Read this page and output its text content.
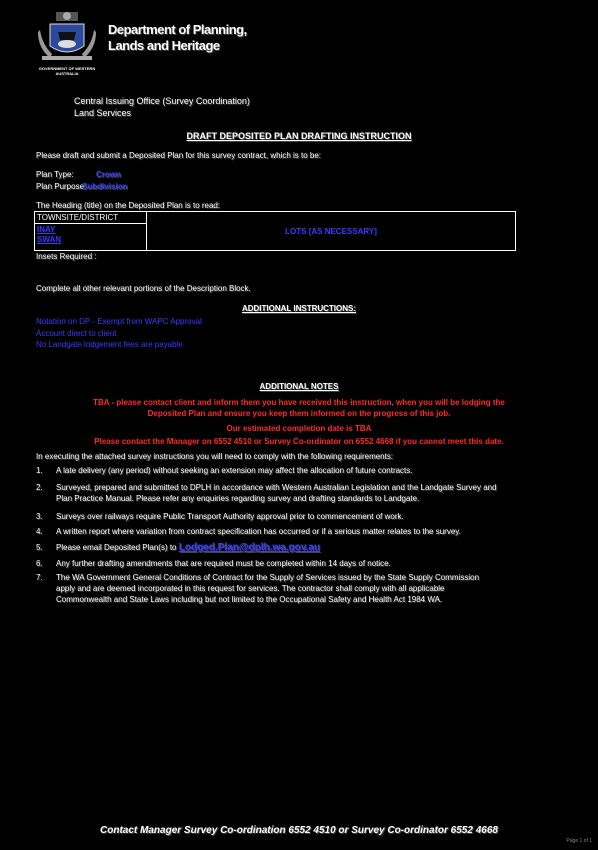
GOVERNMENT OF WESTERN AUSTRALIA
Department of Planning,
Lands and Heritage
Central Issuing Office (Survey Coordination)
Land Services
DRAFT DEPOSITED PLAN DRAFTING INSTRUCTION
Please draft and submit a Deposited Plan for this survey contract, which is to be:
Plan Type:	Crown
Plan Purpose:
Subdivision
The Heading (title) on the Deposited Plan is to read:
TOWNSITE/DISTRICT	LOTS [AS NECESSARY]

INAY
SWAN
Insets Required :
Complete all other relevant portions of the Description Block.
ADDITIONAL INSTRUCTIONS:
Notation on DP - Exempt from WAPC Approval
Account direct to client
No Landgate lodgement fees are payable
ADDITIONAL NOTES
TBA - please contact client and inform them you have received this instruction, when you will be lodging the
Deposited Plan and ensure you keep them informed on the progress of this job.
Our estimated completion date is TBA
Please contact the Manager on 6552 4510 or Survey Co-ordinator on 6552 4668 if you cannot meet this date.
In executing the attached survey instructions you will need to comply with the following requirements:
1. A late delivery (any period) without seeking an extension may affect the allocation of future contracts.
2. Surveyed, prepared and submitted to DPLH in accordance with Western Australian Legislation and the Landgate Survey and
Plan Practice Manual. Please refer any enquiries regarding survey and drafting standards to Landgate.
3. Surveys over railways require Public Transport Authority approval prior to commencement of work.
4. A written report where variation from contract specification has occurred or if a serious matter relates to the survey.
5. Please email Deposited Plan(s) to Lodged.Plan@dplh.wa.gov.au
6. Any further drafting amendments that are required must be completed within 14 days of notice.
7. The WA Government General Conditions of Contract for the Supply of Services issued by the State Supply Commission
apply and are deemed incorporated in this request for services. The contractor shall comply with all applicable
Commonwealth and State Laws including but not limited to the Occupational Safety and Health Act 1984 WA.
Contact Manager Survey Co-ordination 6552 4510 or Survey Co-ordinator 6552 4668
Page 1 of 1
